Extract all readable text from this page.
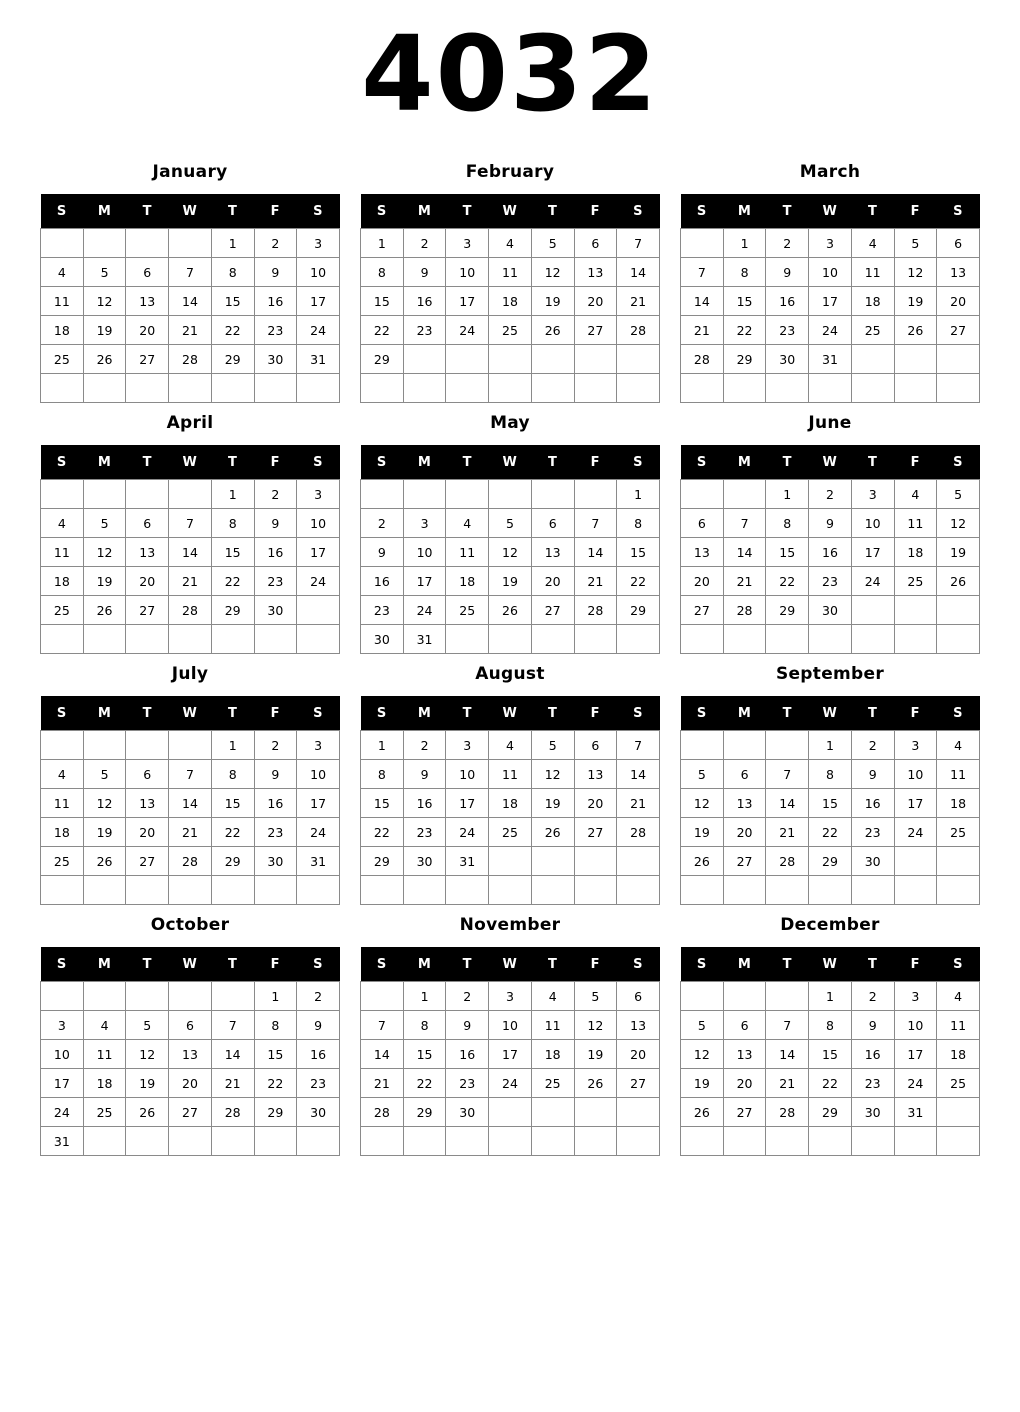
4032
January
S	M	T	W	T	F	S
				1	2	3
4	5	6	7	8	9	10
11	12	13	14	15	16	17
18	19	20	21	22	23	24
25	26	27	28	29	30	31

February
S	M	T	W	T	F	S
1	2	3	4	5	6	7
8	9	10	11	12	13	14
15	16	17	18	19	20	21
22	23	24	25	26	27	28
29						

March
S	M	T	W	T	F	S
	1	2	3	4	5	6
7	8	9	10	11	12	13
14	15	16	17	18	19	20
21	22	23	24	25	26	27
28	29	30	31			

April
S	M	T	W	T	F	S
				1	2	3
4	5	6	7	8	9	10
11	12	13	14	15	16	17
18	19	20	21	22	23	24
25	26	27	28	29	30	

May
S	M	T	W	T	F	S
						1
2	3	4	5	6	7	8
9	10	11	12	13	14	15
16	17	18	19	20	21	22
23	24	25	26	27	28	29
30	31					
June
S	M	T	W	T	F	S
		1	2	3	4	5
6	7	8	9	10	11	12
13	14	15	16	17	18	19
20	21	22	23	24	25	26
27	28	29	30			

July
S	M	T	W	T	F	S
				1	2	3
4	5	6	7	8	9	10
11	12	13	14	15	16	17
18	19	20	21	22	23	24
25	26	27	28	29	30	31

August
S	M	T	W	T	F	S
1	2	3	4	5	6	7
8	9	10	11	12	13	14
15	16	17	18	19	20	21
22	23	24	25	26	27	28
29	30	31				

September
S	M	T	W	T	F	S
			1	2	3	4
5	6	7	8	9	10	11
12	13	14	15	16	17	18
19	20	21	22	23	24	25
26	27	28	29	30		

October
S	M	T	W	T	F	S
					1	2
3	4	5	6	7	8	9
10	11	12	13	14	15	16
17	18	19	20	21	22	23
24	25	26	27	28	29	30
31						
November
S	M	T	W	T	F	S
	1	2	3	4	5	6
7	8	9	10	11	12	13
14	15	16	17	18	19	20
21	22	23	24	25	26	27
28	29	30				

December
S	M	T	W	T	F	S
			1	2	3	4
5	6	7	8	9	10	11
12	13	14	15	16	17	18
19	20	21	22	23	24	25
26	27	28	29	30	31	
